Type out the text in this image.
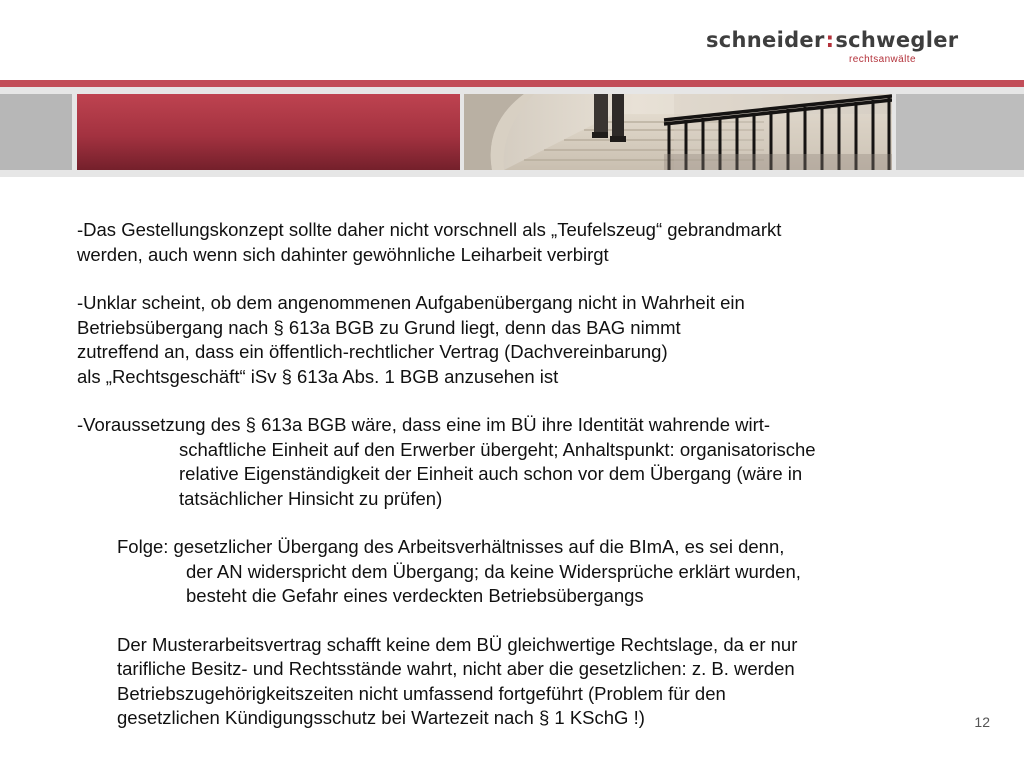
schneider:schwegler
rechtsanwälte
-Das Gestellungskonzept sollte daher nicht vorschnell als „Teufelszeug“ gebrandmarkt
werden, auch wenn sich dahinter gewöhnliche Leiharbeit verbirgt
-Unklar scheint, ob dem angenommenen Aufgabenübergang nicht in Wahrheit ein
Betriebsübergang nach § 613a BGB zu Grund liegt, denn das BAG nimmt
zutreffend an, dass ein öffentlich-rechtlicher Vertrag (Dachvereinbarung)
als „Rechtsgeschäft“ iSv § 613a Abs. 1 BGB anzusehen ist
-Voraussetzung des § 613a BGB wäre, dass eine im BÜ ihre Identität wahrende wirt-
schaftliche Einheit auf den Erwerber übergeht; Anhaltspunkt: organisatorische
relative Eigenständigkeit der Einheit auch schon vor dem Übergang (wäre in
tatsächlicher Hinsicht zu prüfen)
Folge: gesetzlicher Übergang des Arbeitsverhältnisses auf die BImA, es sei denn,
der AN widerspricht dem Übergang; da keine Widersprüche erklärt wurden,
besteht die Gefahr eines verdeckten Betriebsübergangs
Der Musterarbeitsvertrag schafft keine dem BÜ gleichwertige Rechtslage, da er nur
tarifliche Besitz- und Rechtsstände wahrt, nicht aber die gesetzlichen: z. B. werden
Betriebszugehörigkeitszeiten nicht umfassend fortgeführt (Problem für den
gesetzlichen Kündigungsschutz bei Wartezeit nach § 1 KSchG !)	12
